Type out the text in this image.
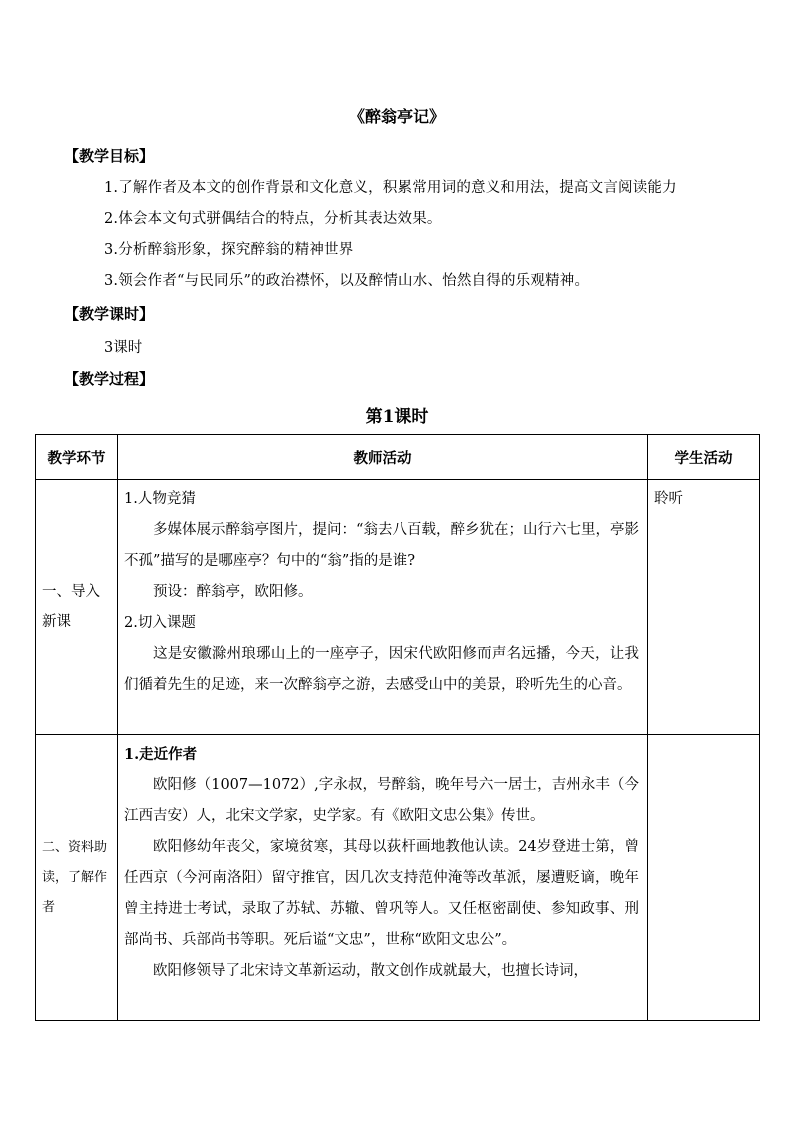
《醉翁亭记》
【教学目标】
1.了解作者及本文的创作背景和文化意义，积累常用词的意义和用法，提高文言阅读能力
2.体会本文句式骈偶结合的特点，分析其表达效果。
3.分析醉翁形象，探究醉翁的精神世界
3.领会作者“与民同乐”的政治襟怀，以及醉情山水、怡然自得的乐观精神。
【教学课时】
3课时
【教学过程】
第1课时
教学环节	教师活动	学生活动
一、导入新课	1.人物竞猜

多媒体展示醉翁亭图片，提问：“翁去八百载，醉乡犹在；山行六七里，亭影不孤”描写的是哪座亭？句中的“翁”指的是谁?

预设：醉翁亭，欧阳修。

2.切入课题

这是安徽滁州琅琊山上的一座亭子，因宋代欧阳修而声名远播，今天，让我们循着先生的足迹，来一次醉翁亭之游，去感受山中的美景，聆听先生的心音。	聆听
二、资料助读，了解作者	1.走近作者

欧阳修（1007—1072）,字永叔，号醉翁，晚年号六一居士，吉州永丰（今江西吉安）人，北宋文学家，史学家。有《欧阳文忠公集》传世。

欧阳修幼年丧父，家境贫寒，其母以荻杆画地教他认读。24岁登进士第，曾任西京（今河南洛阳）留守推官，因几次支持范仲淹等改革派，屡遭贬谪，晚年曾主持进士考试，录取了苏轼、苏辙、曾巩等人。又任枢密副使、参知政事、刑部尚书、兵部尚书等职。死后谥“文忠”，世称“欧阳文忠公”。

欧阳修领导了北宋诗文革新运动，散文创作成就最大，也擅长诗词，	
